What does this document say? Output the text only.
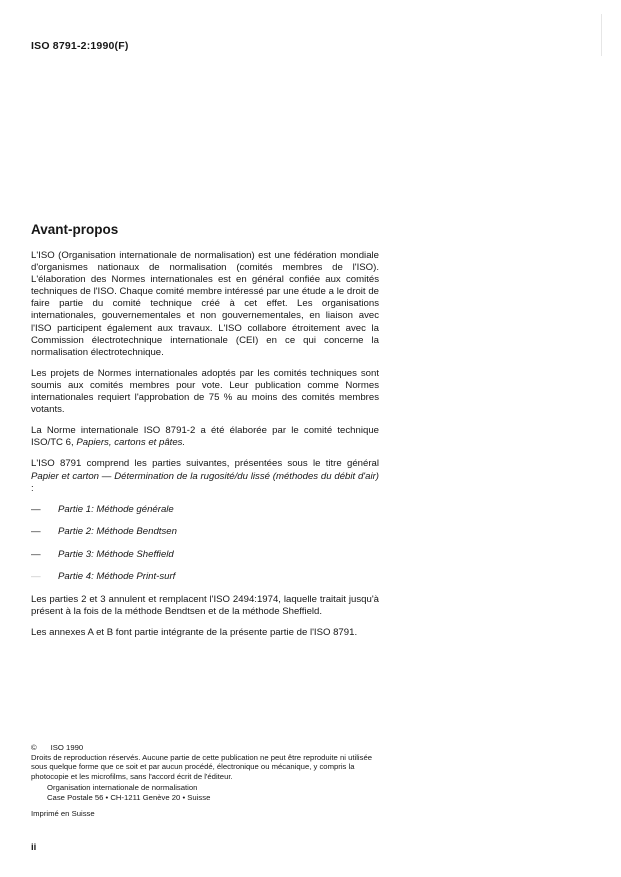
ISO 8791-2:1990(F)
Avant-propos

L'ISO (Organisation internationale de normalisation) est une fédération mondiale d'organismes nationaux de normalisation (comités membres de l'ISO). L'élaboration des Normes internationales est en général confiée aux comités techniques de l'ISO. Chaque comité membre intéressé par une étude a le droit de faire partie du comité technique créé à cet effet. Les organisations internationales, gouvernementales et non gouvernementales, en liaison avec l'ISO participent également aux travaux. L'ISO collabore étroitement avec la Commission électrotechnique internationale (CEI) en ce qui concerne la normalisation électrotechnique.

Les projets de Normes internationales adoptés par les comités techniques sont soumis aux comités membres pour vote. Leur publication comme Normes internationales requiert l'approbation de 75 % au moins des comités membres votants.

La Norme internationale ISO 8791-2 a été élaborée par le comité technique ISO/TC 6, Papiers, cartons et pâtes.

L'ISO 8791 comprend les parties suivantes, présentées sous le titre général Papier et carton — Détermination de la rugosité/du lissé (méthodes du débit d'air) :

— Partie 1: Méthode générale
— Partie 2: Méthode Bendtsen
— Partie 3: Méthode Sheffield
— Partie 4: Méthode Print-surf

Les parties 2 et 3 annulent et remplacent l'ISO 2494:1974, laquelle traitait jusqu'à présent à la fois de la méthode Bendtsen et de la méthode Sheffield.

Les annexes A et B font partie intégrante de la présente partie de l'ISO 8791.

© ISO 1990
Droits de reproduction réservés. Aucune partie de cette publication ne peut être reproduite ni utilisée sous quelque forme que ce soit et par aucun procédé, électronique ou mécanique, y compris la photocopie et les microfilms, sans l'accord écrit de l'éditeur.
Organisation internationale de normalisation
Case Postale 56 • CH-1211 Genève 20 • Suisse
Imprimé en Suisse
ii
